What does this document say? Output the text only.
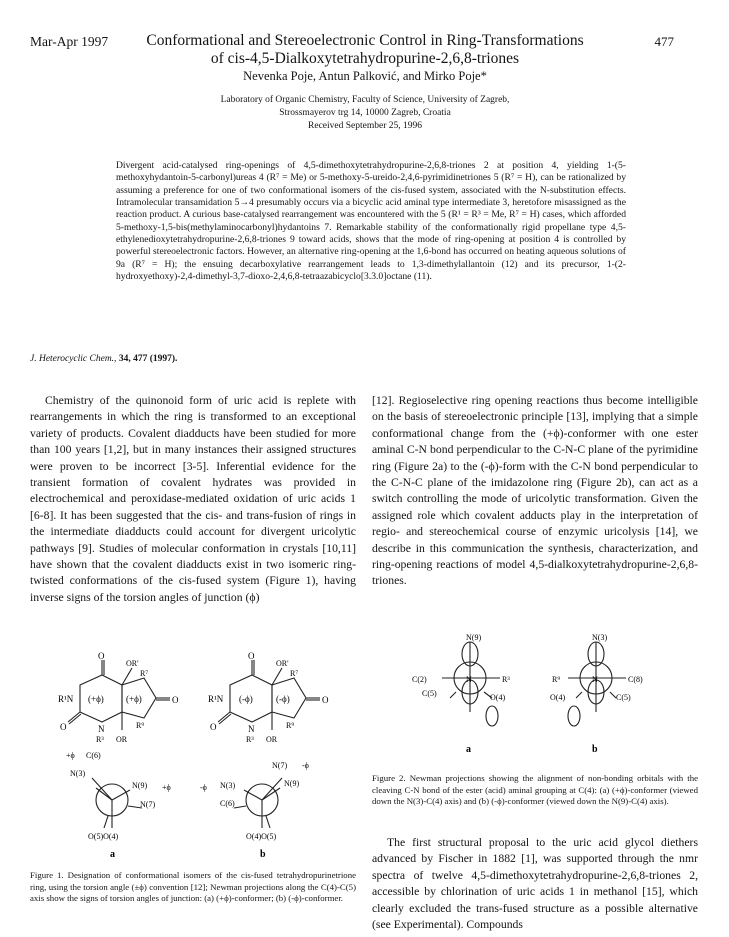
Mar-Apr 1997	Conformational and Stereoelectronic Control in Ring-Transformations
of cis-4,5-Dialkoxytetrahydropurine-2,6,8-triones
477
Nevenka Poje, Antun Palković, and Mirko Poje*
Laboratory of Organic Chemistry, Faculty of Science, University of Zagreb,
Strossmayerov trg 14, 10000 Zagreb, Croatia
Received September 25, 1996
Divergent acid-catalysed ring-openings of 4,5-dimethoxytetrahydropurine-2,6,8-triones 2 at position 4, yielding 1-(5-methoxyhydantoin-5-carbonyl)ureas 4 (R⁷ = Me) or 5-methoxy-5-ureido-2,4,6-pyrimidinetriones 5 (R⁷ = H), can be rationalized by assuming a preference for one of two conformational isomers of the cis-fused system, associated with the N-substitution effects. Intramolecular transamidation 5→4 presumably occurs via a bicyclic acid aminal type intermediate 3, heretofore misassigned as the reaction product. A curious base-catalysed rearrangement was encountered with the 5 (R¹ = R³ = Me, R⁷ = H) cases, which afforded 5-methoxy-1,5-bis(methylaminocarbonyl)hydantoins 7. Remarkable stability of the conformationally rigid propellane type 4,5-ethylenedioxytetrahydropurine-2,6,8-triones 9 toward acids, shows that the mode of ring-opening at position 4 is controlled by powerful stereoelectronic factors. However, an alternative ring-opening at the 1,6-bond has occurred on heating aqueous solutions of 9a (R⁷ = H); the ensuing decarboxylative rearrangement leads to 1,3-dimethylallantoin (12) and its precursor, 1-(2-hydroxyethoxy)-2,4-dimethyl-3,7-dioxo-2,4,6,8-tetraazabicyclo[3.3.0]octane (11).
J. Heterocyclic Chem., 34, 477 (1997).
Chemistry of the quinonoid form of uric acid is replete with rearrangements in which the ring is transformed to an exceptional variety of products. Covalent diadducts have been studied for more than 100 years [1,2], but in many instances their assigned structures were proven to be incorrect [3-5]. Inferential evidence for the transient formation of covalent hydrates was provided in electrochemical and peroxidase-mediated oxidation of uric acids 1 [6-8]. It has been suggested that the cis- and trans-fusion of rings in the intermediate diadducts could account for divergent uricolytic pathways [9]. Studies of molecular conformation in crystals [10,11] have shown that the covalent diadducts exist in two isomeric ring-twisted conformations of the cis-fused system (Figure 1), having inverse signs of the torsion angles of junction (ϕ)
[12]. Regioselective ring opening reactions thus become intelligible on the basis of stereoelectronic principle [13], implying that a simple conformational change from the (+ϕ)-conformer with one ester aminal C-N bond perpendicular to the C-N-C plane of the pyrimidine ring (Figure 2a) to the (-ϕ)-form with the C-N bond perpendicular to the C-N-C plane of the imidazolone ring (Figure 2b), can act as a switch controlling the mode of uricolytic transformation. Given the assigned role which covalent adducts play in the interpretation of regio- and stereochemical course of enzymic uricolysis [14], we describe in this communication the synthesis, characterization, and ring-opening reactions of model 4,5-dialkoxytetrahydropurine-2,6,8-triones.
The first structural proposal to the uric acid glycol diethers advanced by Fischer in 1882 [1], was supported through the nmr spectra of twelve 4,5-dimethoxytetrahydropurine-2,6,8-triones 2, accessible by chlorination of uric acids 1 in methanol [15], which clearly excluded the trans-fused structure as a possible alternative (see Experimental). Compounds
O
OR'
R⁷
R¹N (+ϕ) (+ϕ)	O
O	N
R³
R⁹
OR
O
OR'
R⁷
R¹N (-ϕ)	(-ϕ)	O
O	N
R³
R⁹
OR
+ϕ C(6)
N(3)
N(9) +ϕ
N(7)
O(5)O(4)
-ϕ N(3)
C(6)
N(7) -ϕ
N(9)
O(4)O(5)
a	b
Figure 1. Designation of conformational isomers of the cis-fused tetrahydropurinetrione ring, using the torsion angle (±ϕ) convention [12]; Newman projections along the C(4)-C(5) axis show the signs of torsion angles of junction: (a) (+ϕ)-conformer; (b) (-ϕ)-conformer.
N(9)
C(2)
C(5)
N	R³
O(4)
N(3)
R⁹
O(4)
N	C(8)
C(5)
a	b
Figure 2. Newman projections showing the alignment of non-bonding orbitals with the cleaving C-N bond of the ester (acid) aminal grouping at C(4): (a) (+ϕ)-conformer (viewed down the N(3)-C(4) axis) and (b) (-ϕ)-conformer (viewed down the N(9)-C(4) axis).
